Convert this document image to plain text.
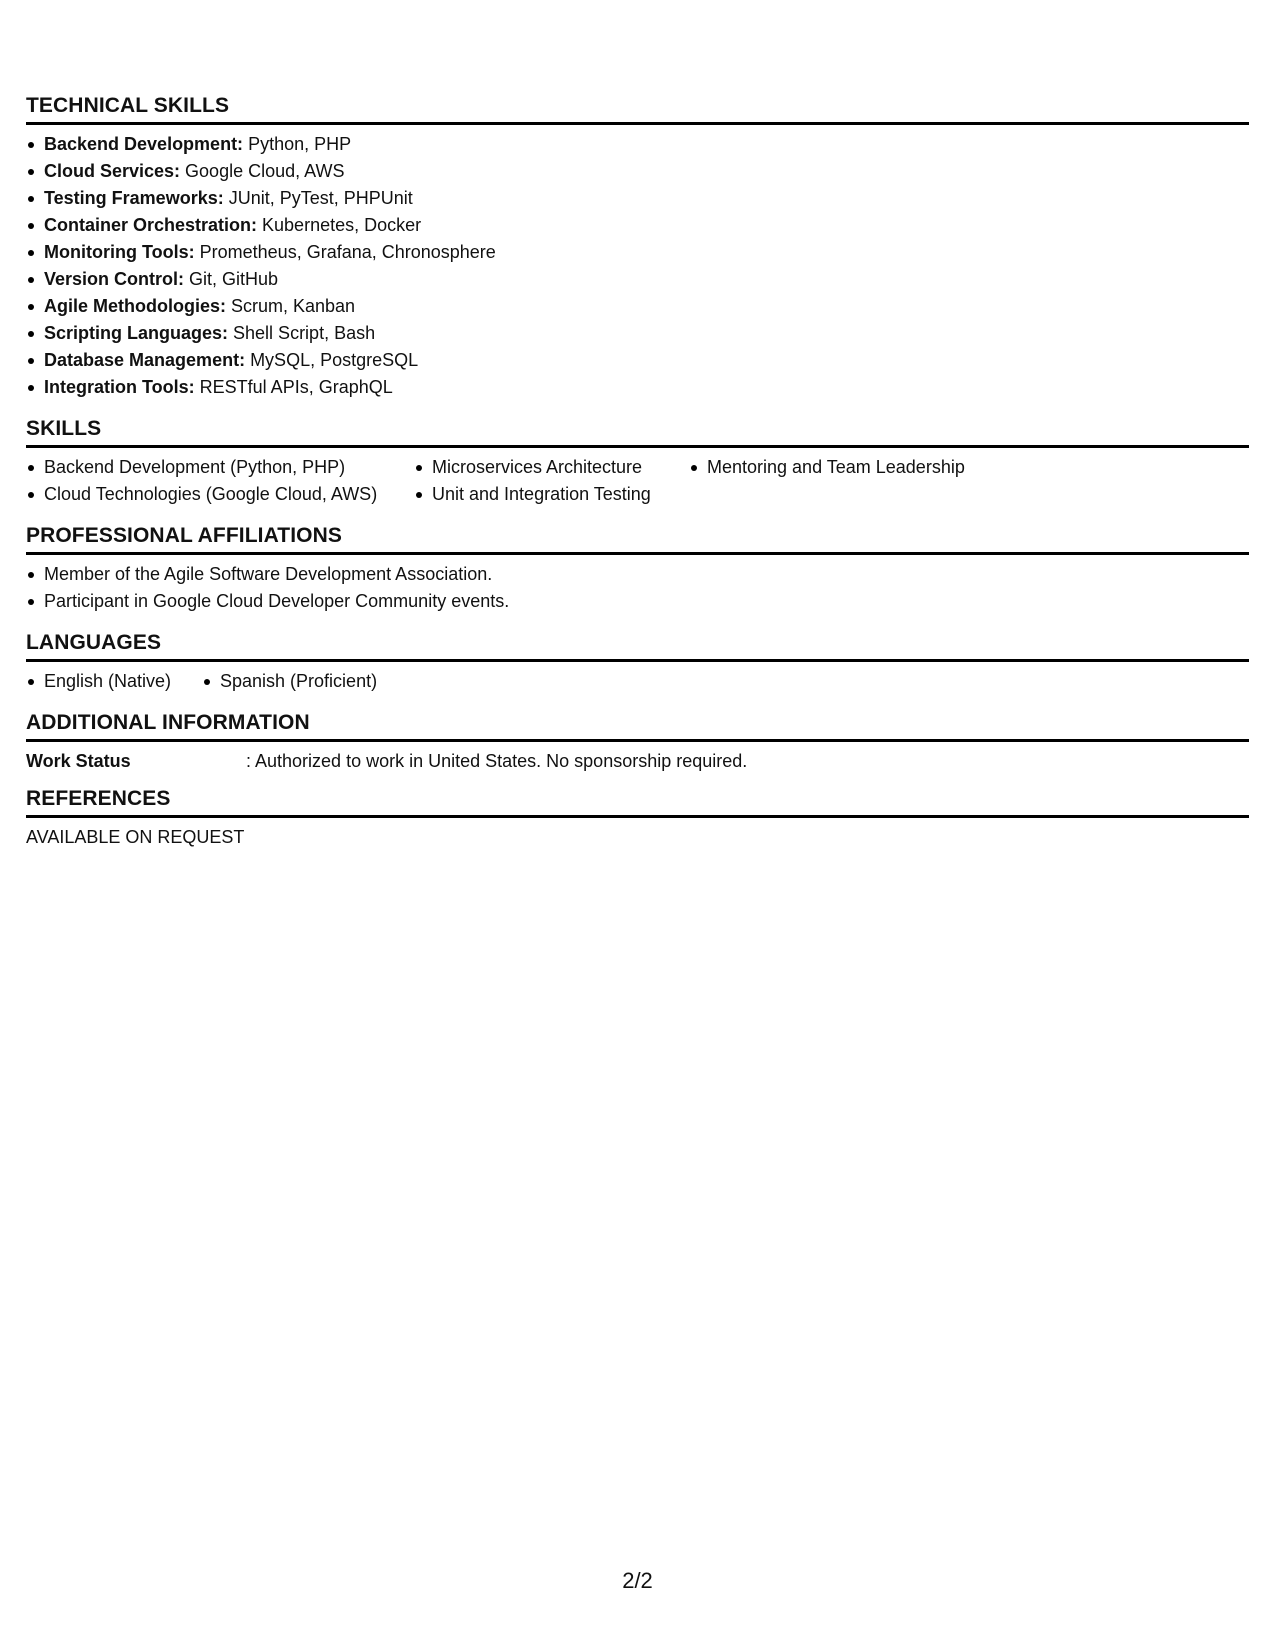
TECHNICAL SKILLS
Backend Development: Python, PHP
Cloud Services: Google Cloud, AWS
Testing Frameworks: JUnit, PyTest, PHPUnit
Container Orchestration: Kubernetes, Docker
Monitoring Tools: Prometheus, Grafana, Chronosphere
Version Control: Git, GitHub
Agile Methodologies: Scrum, Kanban
Scripting Languages: Shell Script, Bash
Database Management: MySQL, PostgreSQL
Integration Tools: RESTful APIs, GraphQL
SKILLS
Backend Development (Python, PHP)
Cloud Technologies (Google Cloud, AWS)
Microservices Architecture
Unit and Integration Testing
Mentoring and Team Leadership
PROFESSIONAL AFFILIATIONS
Member of the Agile Software Development Association.
Participant in Google Cloud Developer Community events.
LANGUAGES
English (Native)	Spanish (Proficient)
ADDITIONAL INFORMATION
Work Status	: Authorized to work in United States. No sponsorship required.
REFERENCES
AVAILABLE ON REQUEST
2/2
